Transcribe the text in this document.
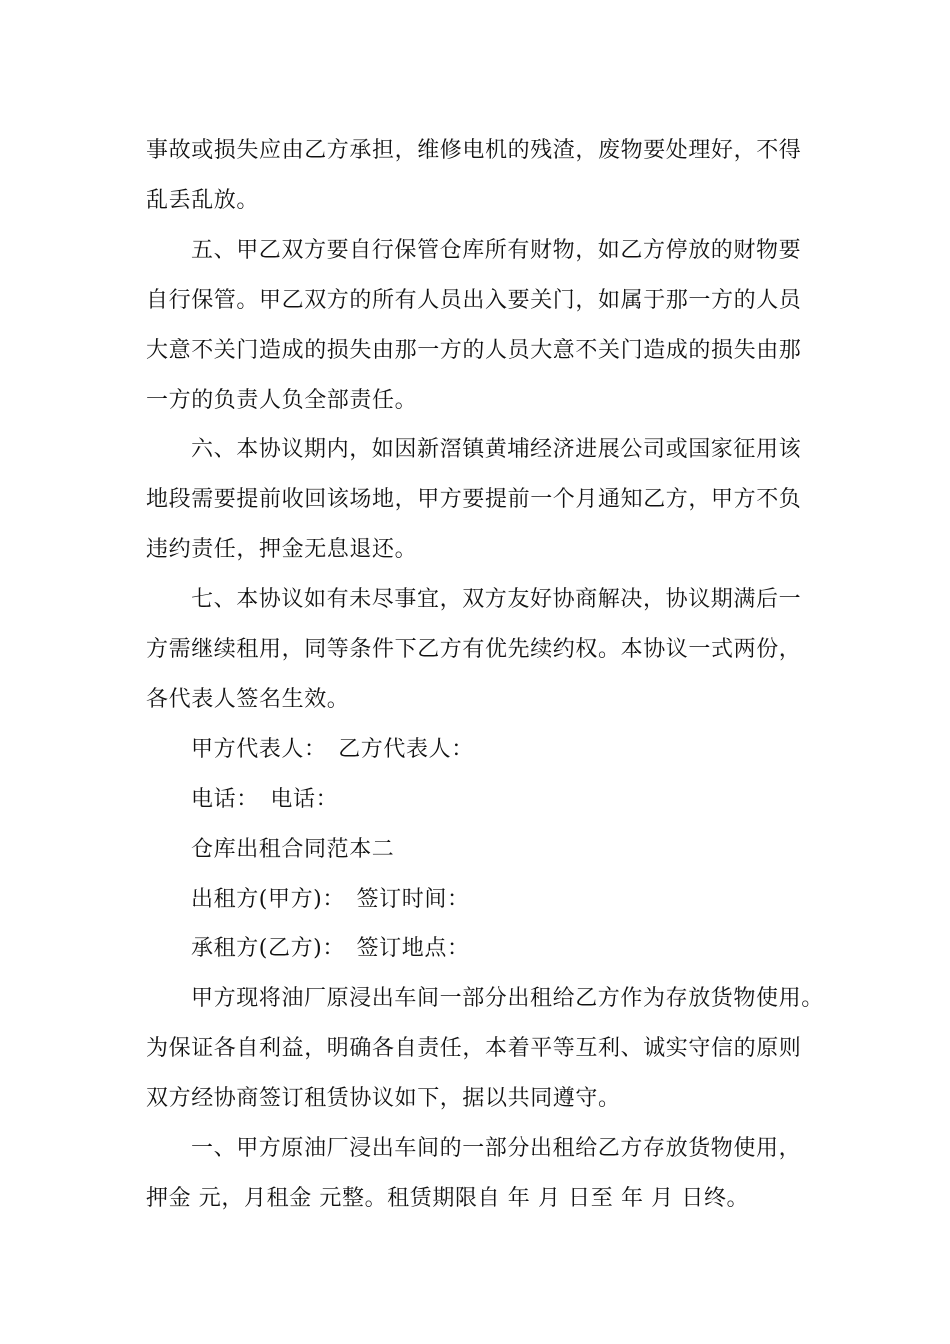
事故或损失应由乙方承担，维修电机的残渣，废物要处理好，不得
乱丢乱放。
五、甲乙双方要自行保管仓库所有财物，如乙方停放的财物要
自行保管。甲乙双方的所有人员出入要关门，如属于那一方的人员
大意不关门造成的损失由那一方的人员大意不关门造成的损失由那
一方的负责人负全部责任。
六、本协议期内，如因新滘镇黄埔经济进展公司或国家征用该
地段需要提前收回该场地，甲方要提前一个月通知乙方，甲方不负
违约责任，押金无息退还。
七、本协议如有未尽事宜，双方友好协商解决，协议期满后一
方需继续租用，同等条件下乙方有优先续约权。本协议一式两份，
各代表人签名生效。
甲方代表人：　乙方代表人：
电话：　电话：
仓库出租合同范本二
出租方(甲方)：　签订时间：
承租方(乙方)：　签订地点：
甲方现将油厂原浸出车间一部分出租给乙方作为存放货物使用。
为保证各自利益，明确各自责任，本着平等互利、诚实守信的原则
双方经协商签订租赁协议如下，据以共同遵守。
一、甲方原油厂浸出车间的一部分出租给乙方存放货物使用，
押金 元，月租金 元整。租赁期限自 年 月 日至 年 月 日终。
